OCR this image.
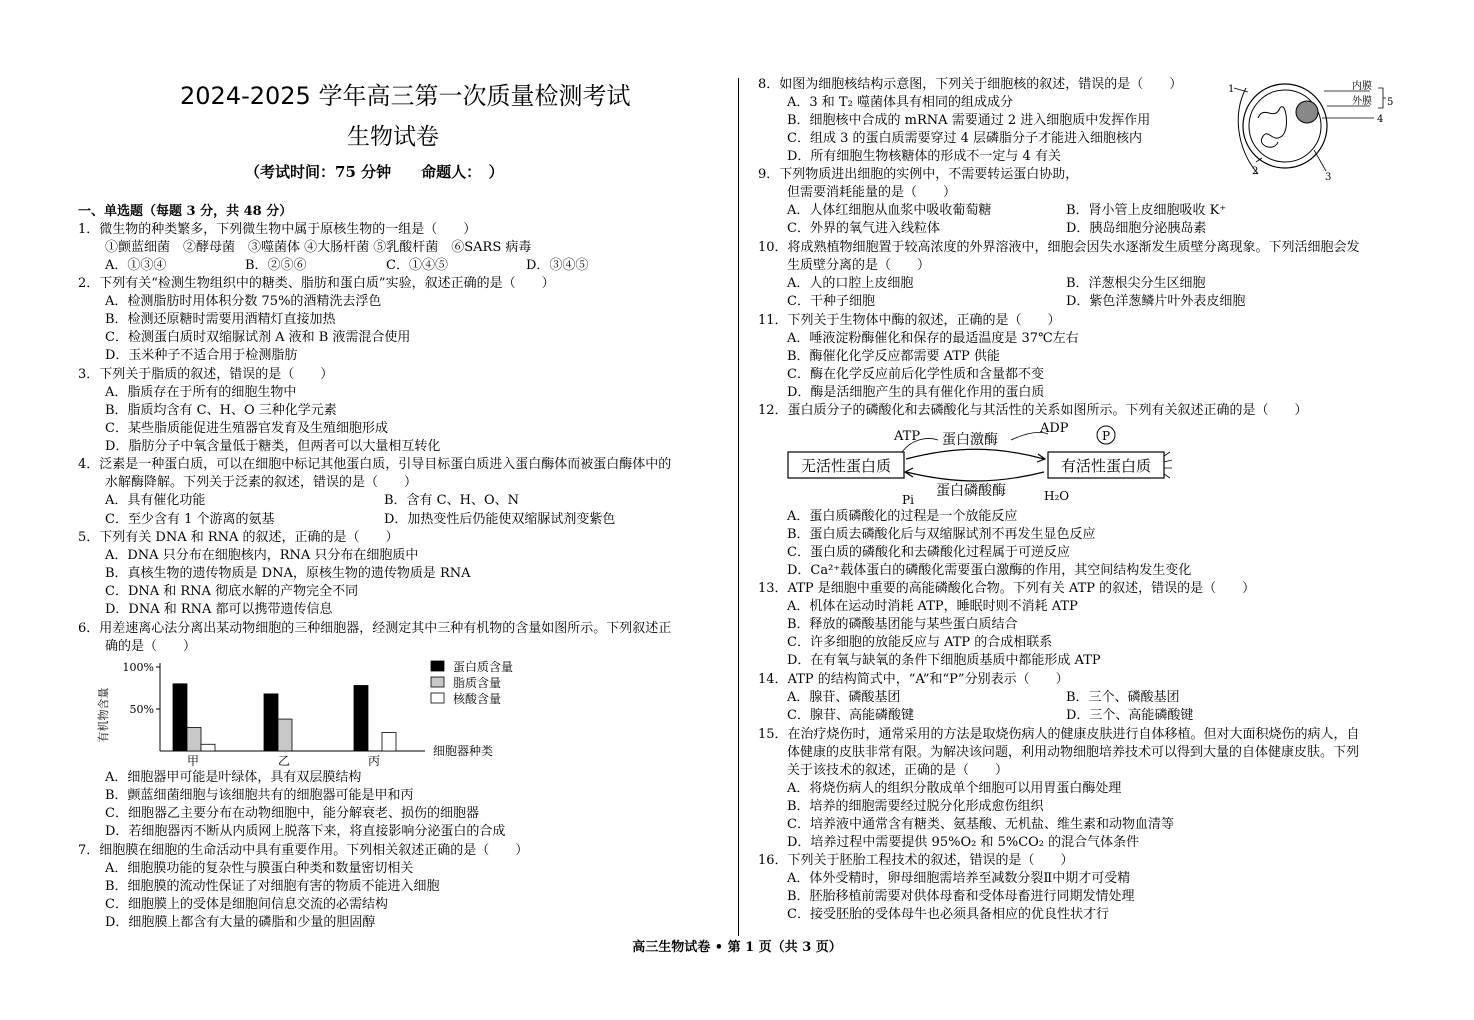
2024-2025 学年高三第一次质量检测考试
生物试卷
（考试时间：75 分钟　　命题人：　）
一、单选题（每题 3 分，共 48 分）
1．微生物的种类繁多，下列微生物中属于原核生物的一组是（　　）
①颤蓝细菌　②酵母菌　③噬菌体 ④大肠杆菌 ⑤乳酸杆菌　⑥SARS 病毒
A．①③④	B．②⑤⑥	C．①④⑤	D．③④⑤
2．下列有关“检测生物组织中的糖类、脂肪和蛋白质”实验，叙述正确的是（　　）
A．检测脂肪时用体积分数 75%的酒精洗去浮色
B．检测还原糖时需要用酒精灯直接加热
C．检测蛋白质时双缩脲试剂 A 液和 B 液需混合使用
D．玉米种子不适合用于检测脂肪
3．下列关于脂质的叙述，错误的是（　　）
A．脂质存在于所有的细胞生物中
B．脂质均含有 C、H、O 三种化学元素
C．某些脂质能促进生殖器官发育及生殖细胞形成
D．脂肪分子中氧含量低于糖类，但两者可以大量相互转化
4．泛素是一种蛋白质，可以在细胞中标记其他蛋白质，引导目标蛋白质进入蛋白酶体而被蛋白酶体中的
水解酶降解。下列关于泛素的叙述，错误的是（　　）
A．具有催化功能	B．含有 C、H、O、N
C．至少含有 1 个游离的氨基	D．加热变性后仍能使双缩脲试剂变紫色
5．下列有关 DNA 和 RNA 的叙述，正确的是（　　）
A．DNA 只分布在细胞核内，RNA 只分布在细胞质中
B．真核生物的遗传物质是 DNA，原核生物的遗传物质是 RNA
C．DNA 和 RNA 彻底水解的产物完全不同
D．DNA 和 RNA 都可以携带遗传信息
6．用差速离心法分离出某动物细胞的三种细胞器，经测定其中三种有机物的含量如图所示。下列叙述正
确的是（　　）
A．细胞器甲可能是叶绿体，具有双层膜结构
B．颤蓝细菌细胞与该细胞共有的细胞器可能是甲和丙
C．细胞器乙主要分布在动物细胞中，能分解衰老、损伤的细胞器
D．若细胞器丙不断从内质网上脱落下来，将直接影响分泌蛋白的合成
7．细胞膜在细胞的生命活动中具有重要作用。下列相关叙述正确的是（　　）
A．细胞膜功能的复杂性与膜蛋白种类和数量密切相关
B．细胞膜的流动性保证了对细胞有害的物质不能进入细胞
C．细胞膜上的受体是细胞间信息交流的必需结构
D．细胞膜上都含有大量的磷脂和少量的胆固醇
100%
50%
有机物含量
甲	乙	丙
细胞器种类
蛋白质含量
脂质含量
核酸含量
8．如图为细胞核结构示意图，下列关于细胞核的叙述，错误的是（　　）
A．3 和 T₂ 噬菌体具有相同的组成成分
B．细胞核中合成的 mRNA 需要通过 2 进入细胞质中发挥作用
C．组成 3 的蛋白质需要穿过 4 层磷脂分子才能进入细胞核内
D．所有细胞生物核糖体的形成不一定与 4 有关
9．下列物质进出细胞的实例中，不需要转运蛋白协助，
但需要消耗能量的是（　　）
A．人体红细胞从血浆中吸收葡萄糖	B．肾小管上皮细胞吸收 K⁺
C．外界的氧气进入线粒体	D．胰岛细胞分泌胰岛素
10．将成熟植物细胞置于较高浓度的外界溶液中，细胞会因失水逐渐发生质壁分离现象。下列活细胞会发
生质壁分离的是（　　）
A．人的口腔上皮细胞	B．洋葱根尖分生区细胞
C．干种子细胞	D．紫色洋葱鳞片叶外表皮细胞
11．下列关于生物体中酶的叙述，正确的是（　　）
A．唾液淀粉酶催化和保存的最适温度是 37℃左右
B．酶催化化学反应都需要 ATP 供能
C．酶在化学反应前后化学性质和含量都不变
D．酶是活细胞产生的具有催化作用的蛋白质
12．蛋白质分子的磷酸化和去磷酸化与其活性的关系如图所示。下列有关叙述正确的是（　　）
A．蛋白质磷酸化的过程是一个放能反应
B．蛋白质去磷酸化后与双缩脲试剂不再发生显色反应
C．蛋白质的磷酸化和去磷酸化过程属于可逆反应
D．Ca²⁺载体蛋白的磷酸化需要蛋白激酶的作用，其空间结构发生变化
13．ATP 是细胞中重要的高能磷酸化合物。下列有关 ATP 的叙述，错误的是（　　）
A．机体在运动时消耗 ATP，睡眠时则不消耗 ATP
B．释放的磷酸基团能与某些蛋白质结合
C．许多细胞的放能反应与 ATP 的合成相联系
D．在有氧与缺氧的条件下细胞质基质中都能形成 ATP
14．ATP 的结构简式中，“A”和“P”分别表示（　　）
A．腺苷、磷酸基团	B．三个、磷酸基团
C．腺苷、高能磷酸键	D．三个、高能磷酸键
15．在治疗烧伤时，通常采用的方法是取烧伤病人的健康皮肤进行自体移植。但对大面积烧伤的病人，自
体健康的皮肤非常有限。为解决该问题，利用动物细胞培养技术可以得到大量的自体健康皮肤。下列
关于该技术的叙述，正确的是（　　）
A．将烧伤病人的组织分散成单个细胞可以用胃蛋白酶处理
B．培养的细胞需要经过脱分化形成愈伤组织
C．培养液中通常含有糖类、氨基酸、无机盐、维生素和动物血清等
D．培养过程中需要提供 95%O₂ 和 5%CO₂ 的混合气体条件
16．下列关于胚胎工程技术的叙述，错误的是（　　）
A．体外受精时，卵母细胞需培养至减数分裂Ⅱ中期才可受精
B．胚胎移植前需要对供体母畜和受体母畜进行同期发情处理
C．接受胚胎的受体母牛也必须具备相应的优良性状才行
1
2
3
4
5
内膜
外膜
无活性蛋白质	有活性蛋白质
ATP 蛋白激酶
ADP	P
蛋白磷酸酶
Pi	H₂O
高三生物试卷 • 第 1 页（共 3 页）
